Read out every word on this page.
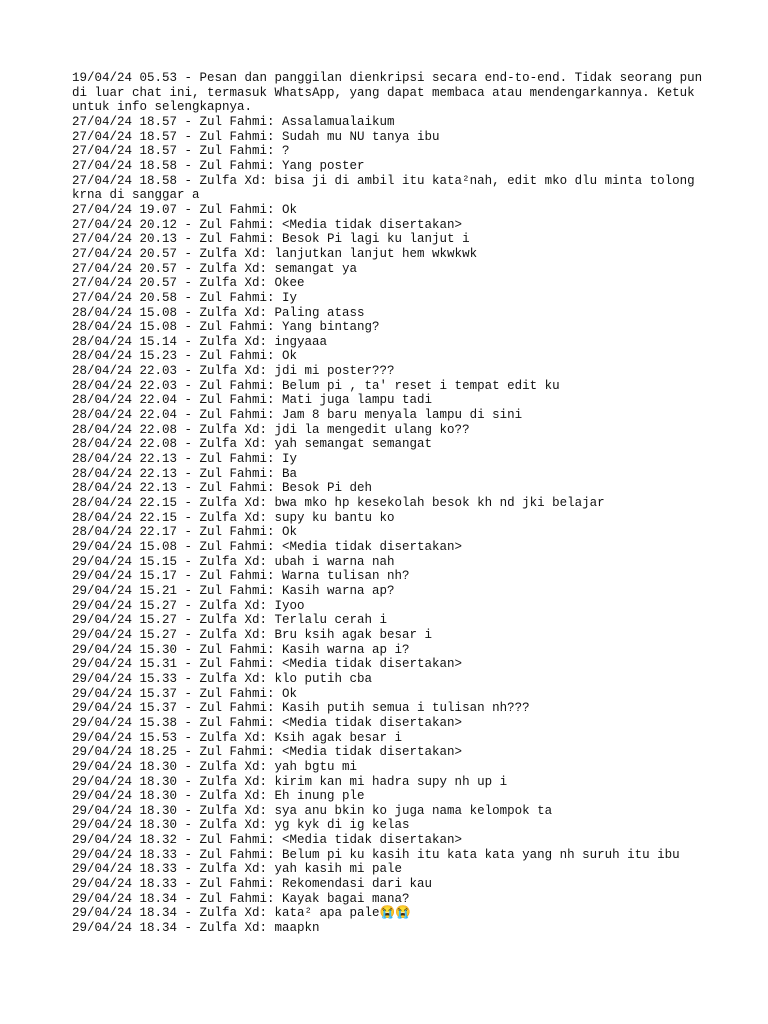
19/04/24 05.53 - Pesan dan panggilan dienkripsi secara end-to-end. Tidak seorang pun di luar chat ini, termasuk WhatsApp, yang dapat membaca atau mendengarkannya. Ketuk untuk info selengkapnya.
27/04/24 18.57 - Zul Fahmi: Assalamualaikum
27/04/24 18.57 - Zul Fahmi: Sudah mu NU tanya ibu
27/04/24 18.57 - Zul Fahmi: ?
27/04/24 18.58 - Zul Fahmi: Yang poster
27/04/24 18.58 - Zulfa Xd: bisa ji di ambil itu kata²nah, edit mko dlu minta tolong krna di sanggar a
27/04/24 19.07 - Zul Fahmi: Ok
27/04/24 20.12 - Zul Fahmi: <Media tidak disertakan>
27/04/24 20.13 - Zul Fahmi: Besok Pi lagi ku lanjut i
27/04/24 20.57 - Zulfa Xd: lanjutkan lanjut hem wkwkwk
27/04/24 20.57 - Zulfa Xd: semangat ya
27/04/24 20.57 - Zulfa Xd: Okee
27/04/24 20.58 - Zul Fahmi: Iy
28/04/24 15.08 - Zulfa Xd: Paling atass
28/04/24 15.08 - Zul Fahmi: Yang bintang?
28/04/24 15.14 - Zulfa Xd: ingyaaa
28/04/24 15.23 - Zul Fahmi: Ok
28/04/24 22.03 - Zulfa Xd: jdi mi poster???
28/04/24 22.03 - Zul Fahmi: Belum pi , ta' reset i tempat edit ku
28/04/24 22.04 - Zul Fahmi: Mati juga lampu tadi
28/04/24 22.04 - Zul Fahmi: Jam 8 baru menyala lampu di sini
28/04/24 22.08 - Zulfa Xd: jdi la mengedit ulang ko??
28/04/24 22.08 - Zulfa Xd: yah semangat semangat
28/04/24 22.13 - Zul Fahmi: Iy
28/04/24 22.13 - Zul Fahmi: Ba
28/04/24 22.13 - Zul Fahmi: Besok Pi deh
28/04/24 22.15 - Zulfa Xd: bwa mko hp kesekolah besok kh nd jki belajar
28/04/24 22.15 - Zulfa Xd: supy ku bantu ko
28/04/24 22.17 - Zul Fahmi: Ok
29/04/24 15.08 - Zul Fahmi: <Media tidak disertakan>
29/04/24 15.15 - Zulfa Xd: ubah i warna nah
29/04/24 15.17 - Zul Fahmi: Warna tulisan nh?
29/04/24 15.21 - Zul Fahmi: Kasih warna ap?
29/04/24 15.27 - Zulfa Xd: Iyoo
29/04/24 15.27 - Zulfa Xd: Terlalu cerah i
29/04/24 15.27 - Zulfa Xd: Bru ksih agak besar i
29/04/24 15.30 - Zul Fahmi: Kasih warna ap i?
29/04/24 15.31 - Zul Fahmi: <Media tidak disertakan>
29/04/24 15.33 - Zulfa Xd: klo putih cba
29/04/24 15.37 - Zul Fahmi: Ok
29/04/24 15.37 - Zul Fahmi: Kasih putih semua i tulisan nh???
29/04/24 15.38 - Zul Fahmi: <Media tidak disertakan>
29/04/24 15.53 - Zulfa Xd: Ksih agak besar i
29/04/24 18.25 - Zul Fahmi: <Media tidak disertakan>
29/04/24 18.30 - Zulfa Xd: yah bgtu mi
29/04/24 18.30 - Zulfa Xd: kirim kan mi hadra supy nh up i
29/04/24 18.30 - Zulfa Xd: Eh inung ple
29/04/24 18.30 - Zulfa Xd: sya anu bkin ko juga nama kelompok ta
29/04/24 18.30 - Zulfa Xd: yg kyk di ig kelas
29/04/24 18.32 - Zul Fahmi: <Media tidak disertakan>
29/04/24 18.33 - Zul Fahmi: Belum pi ku kasih itu kata kata yang nh suruh itu ibu
29/04/24 18.33 - Zulfa Xd: yah kasih mi pale
29/04/24 18.33 - Zul Fahmi: Rekomendasi dari kau
29/04/24 18.34 - Zul Fahmi: Kayak bagai mana?
29/04/24 18.34 - Zulfa Xd: kata² apa pale😭😭
29/04/24 18.34 - Zulfa Xd: maapkn
